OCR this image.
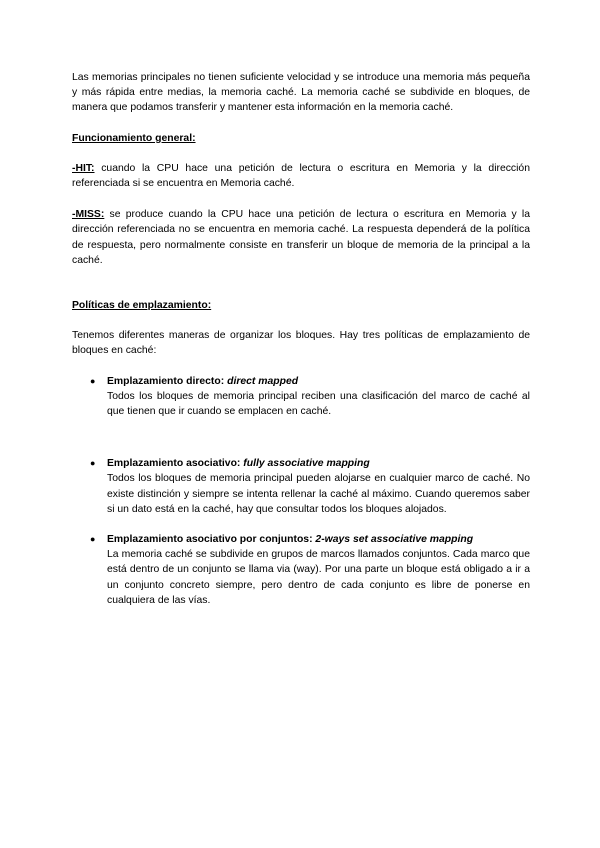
Las memorias principales no tienen suficiente velocidad y se introduce una memoria más pequeña y más rápida entre medias, la memoria caché. La memoria caché se subdivide en bloques, de manera que podamos transferir y mantener esta información en la memoria caché.

Funcionamiento general:

-HIT: cuando la CPU hace una petición de lectura o escritura en Memoria y la dirección referenciada si se encuentra en Memoria caché.

-MISS: se produce cuando la CPU hace una petición de lectura o escritura en Memoria y la dirección referenciada no se encuentra en memoria caché. La respuesta dependerá de la política de respuesta, pero normalmente consiste en transferir un bloque de memoria de la principal a la caché.

Políticas de emplazamiento:

Tenemos diferentes maneras de organizar los bloques. Hay tres políticas de emplazamiento de bloques en caché:

● Emplazamiento directo: direct mapped

Todos los bloques de memoria principal reciben una clasificación del marco de caché al que tienen que ir cuando se emplacen en caché.

● Emplazamiento asociativo: fully associative mapping

Todos los bloques de memoria principal pueden alojarse en cualquier marco de caché. No existe distinción y siempre se intenta rellenar la caché al máximo. Cuando queremos saber si un dato está en la caché, hay que consultar todos los bloques alojados.

● Emplazamiento asociativo por conjuntos: 2-ways set associative mapping

La memoria caché se subdivide en grupos de marcos llamados conjuntos. Cada marco que está dentro de un conjunto se llama via (way). Por una parte un bloque está obligado a ir a un conjunto concreto siempre, pero dentro de cada conjunto es libre de ponerse en cualquiera de las vías.
